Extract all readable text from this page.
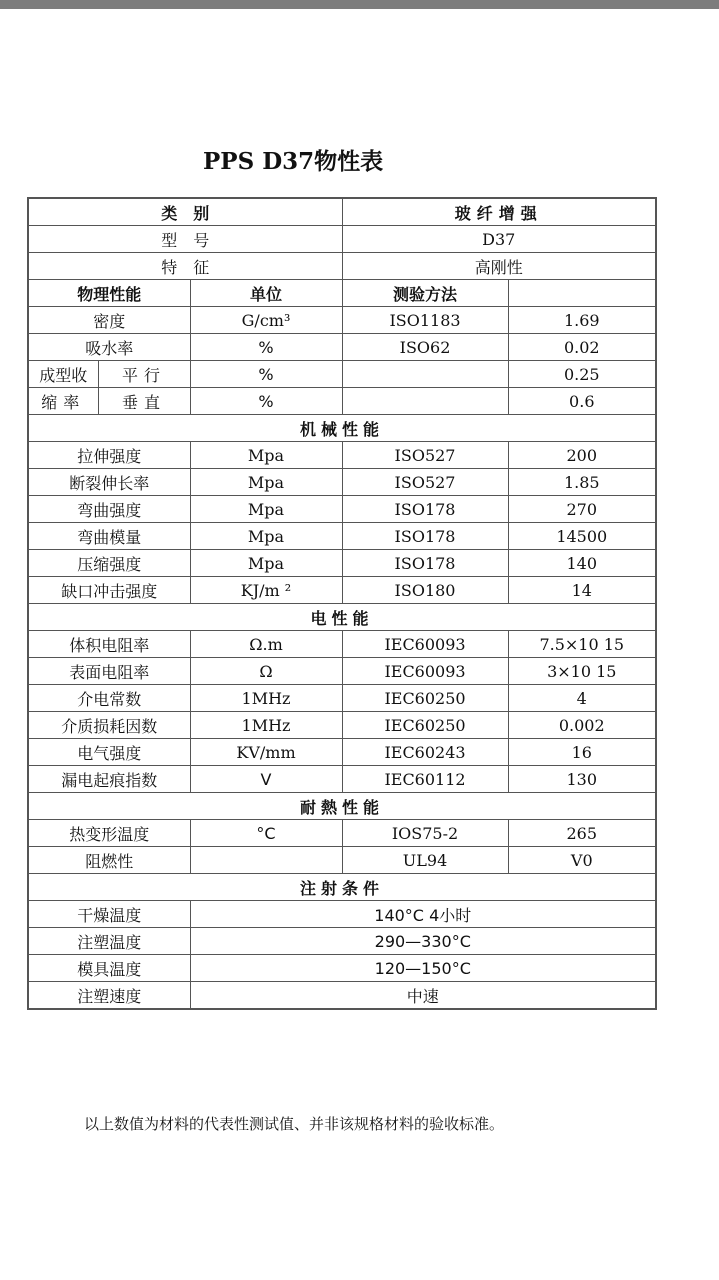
PPS D37物性表
类　别			玻纤增强	
型　号			D37	
特　征			高刚性	
物理性能		单位	测验方法	
密度		G/cm³	ISO1183	1.69
吸水率		%	ISO62	0.02
成型收	平行	%		0.25
缩率	垂直	%		0.6
机械性能				
拉伸强度		Mpa	ISO527	200
断裂伸长率		Mpa	ISO527	1.85
弯曲强度		Mpa	ISO178	270
弯曲模量		Mpa	ISO178	14500
压缩强度		Mpa	ISO178	140
缺口冲击强度		KJ/m ²	ISO180	14
电性能				
体积电阻率		Ω.m	IEC60093	7.5×10 15
表面电阻率		Ω	IEC60093	3×10 15
介电常数		1MHz	IEC60250	4
介质损耗因数		1MHz	IEC60250	0.002
电气强度		KV/mm	IEC60243	16
漏电起痕指数		V	IEC60112	130
耐熱性能				
热变形温度		°C	IOS75-2	265
阻燃性			UL94	V0
注射条件				
干燥温度		140°C 4小时		
注塑温度		290—330°C		
模具温度		120—150°C		
注塑速度		中速		
以上数值为材料的代表性测试值、并非该规格材料的验收标准。
